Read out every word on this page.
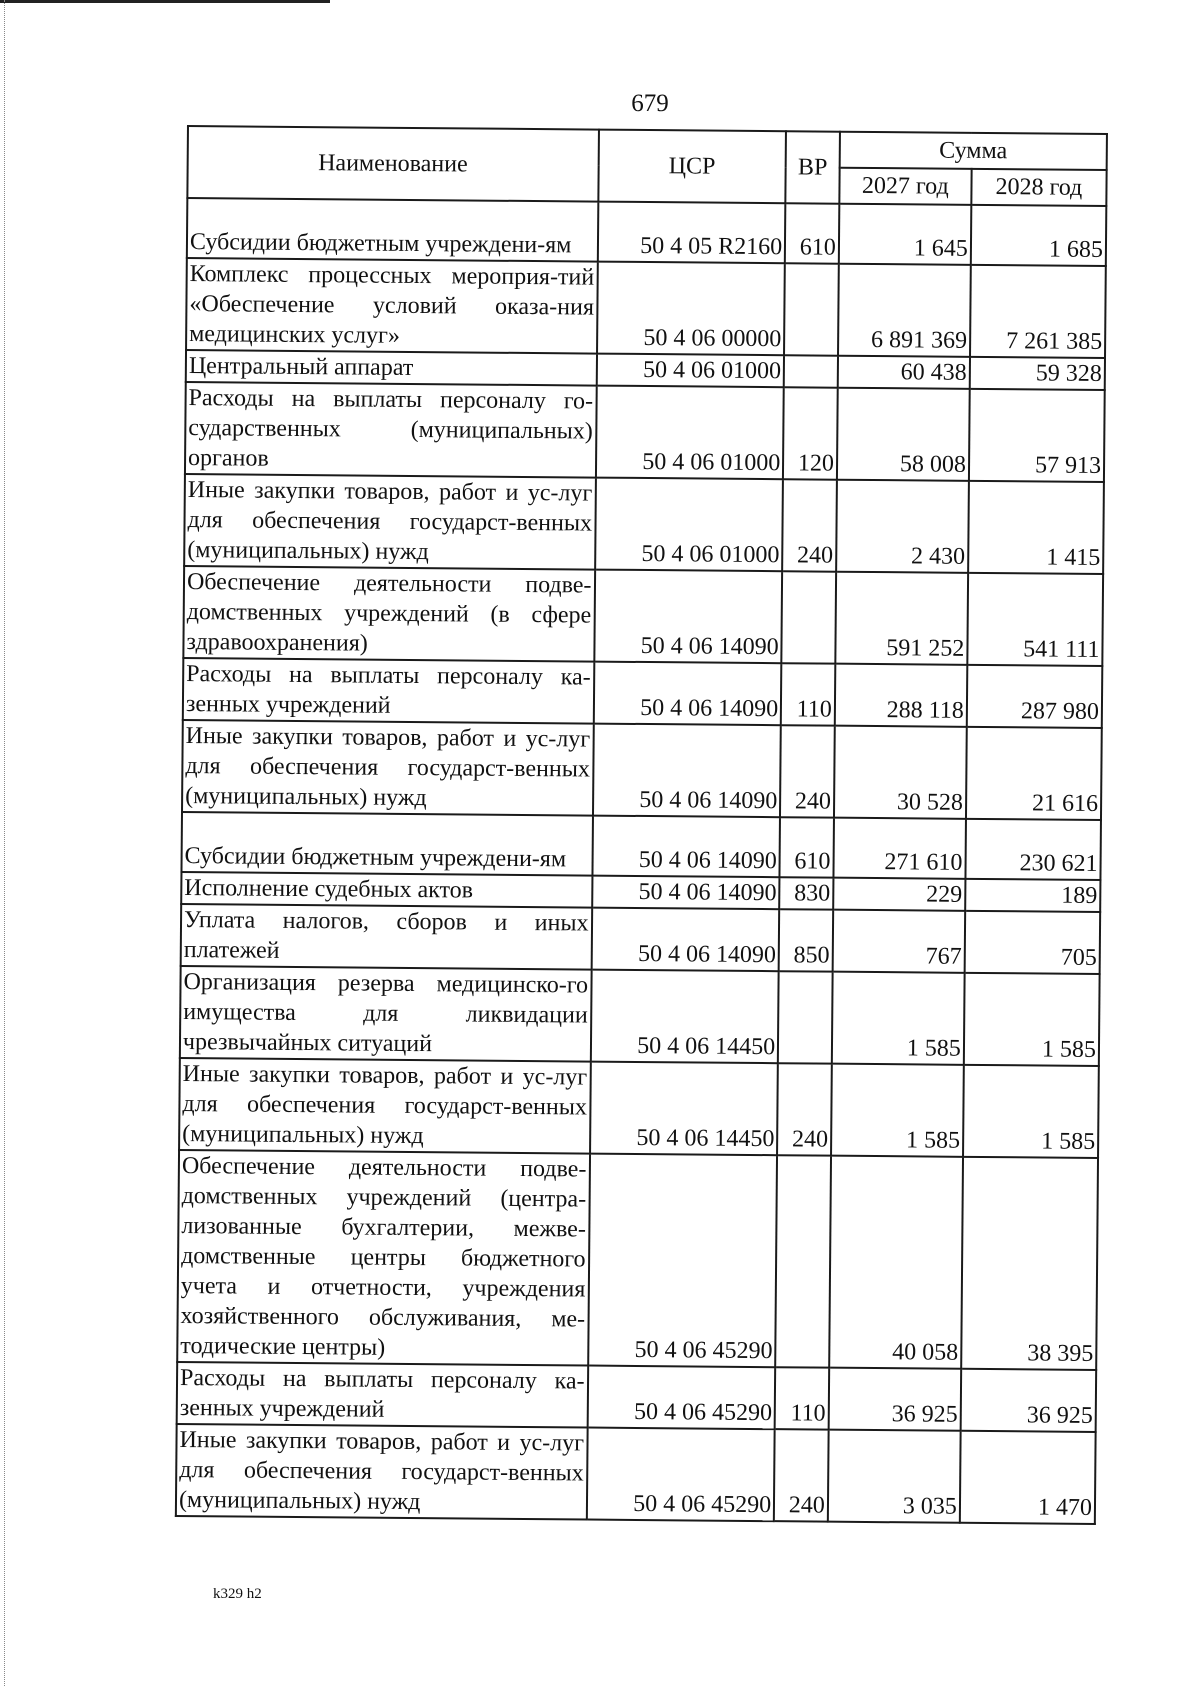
679
Наименование	ЦСР	ВР	Сумма	
			2027 год	2028 год
Субсидии бюджетным учреждени-ям	50 4 05 R2160	610	1 645	1 685
Комплекс процессных мероприя-тий «Обеспечение условий оказа-ния медицинских услуг»	50 4 06 00000		6 891 369	7 261 385
Центральный аппарат	50 4 06 01000		60 438	59 328
Расходы на выплаты персоналу го-сударственных (муниципальных) органов	50 4 06 01000	120	58 008	57 913
Иные закупки товаров, работ и ус-луг для обеспечения государст-венных (муниципальных) нужд	50 4 06 01000	240	2 430	1 415
Обеспечение деятельности подве-домственных учреждений (в сфере здравоохранения)	50 4 06 14090		591 252	541 111
Расходы на выплаты персоналу ка-зенных учреждений	50 4 06 14090	110	288 118	287 980
Иные закупки товаров, работ и ус-луг для обеспечения государст-венных (муниципальных) нужд	50 4 06 14090	240	30 528	21 616
Субсидии бюджетным учреждени-ям	50 4 06 14090	610	271 610	230 621
Исполнение судебных актов	50 4 06 14090	830	229	189
Уплата налогов, сборов и иных платежей	50 4 06 14090	850	767	705
Организация резерва медицинско-го имущества для ликвидации чрезвычайных ситуаций	50 4 06 14450		1 585	1 585
Иные закупки товаров, работ и ус-луг для обеспечения государст-венных (муниципальных) нужд	50 4 06 14450	240	1 585	1 585
Обеспечение деятельности подве-домственных учреждений (центра-лизованные бухгалтерии, межве-домственные центры бюджетного учета и отчетности, учреждения хозяйственного обслуживания, ме-тодические центры)	50 4 06 45290		40 058	38 395
Расходы на выплаты персоналу ка-зенных учреждений	50 4 06 45290	110	36 925	36 925
Иные закупки товаров, работ и ус-луг для обеспечения государст-венных (муниципальных) нужд	50 4 06 45290	240	3 035	1 470
k329 h2
